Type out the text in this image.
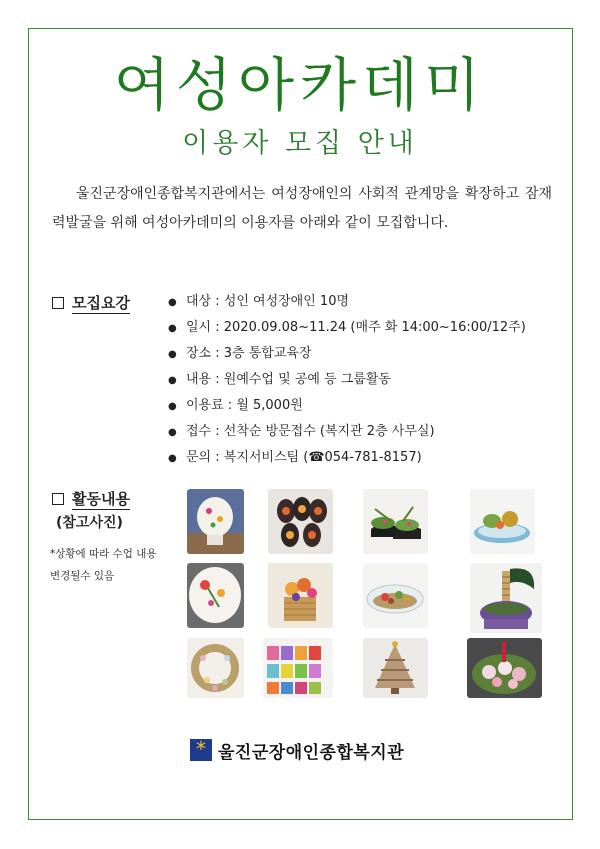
여성아카데미
이용자 모집 안내
울진군장애인종합복지관에서는 여성장애인의 사회적 관계망을 확장하고 잠재력발굴을 위해 여성아카데미의 이용자를 아래와 같이 모집합니다.
모집요강	● 대상 : 성인 여성장애인 10명
● 일시 : 2020.09.08~11.24 (매주 화 14:00~16:00/12주)
● 장소 : 3층 통합교육장
● 내용 : 원예수업 및 공예 등 그룹활동
● 이용료 : 월 5,000원
● 접수 : 선착순 방문접수 (복지관 2층 사무실)
● 문의 : 복지서비스팀 (☎054-781-8157)
활동내용
(참고사진)
*상황에 따라 수업 내용 변경될수 있음
* 울진군장애인종합복지관
